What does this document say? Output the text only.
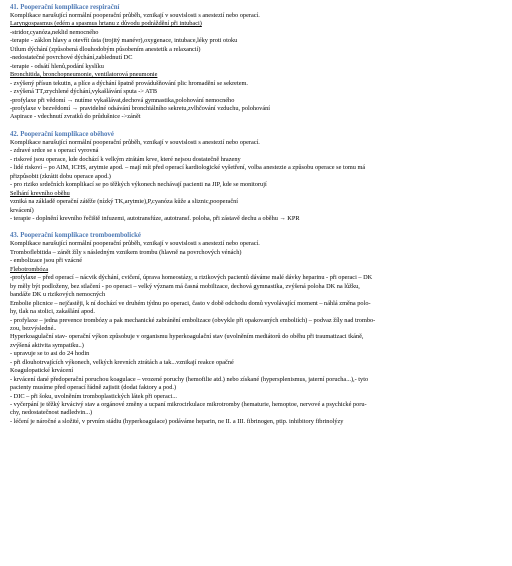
41. Pooperační komplikace respirační
Komplikace narušující normální pooperační průběh, vznikají v souvislosti s anestezií nebo operací.
Laryngospasmus (edém a spasmus hrtanu z důvodu podráždění při intubaci)
-stridor,cyanóza,neklid nemocného
-terapie - záklon hlavy a otevřít ústa (trojitý manévr),oxygenace, intubace,léky proti otoku
Útlum dýchání (způsobená dlouhodobým působením anestetik a relaxancií)
-nedostatečné povrchové dýchání,zablednutí DC
-terapie - odsátí hlenů,podání kyslíku
Bronchitida, bronchopneumonie, ventilatorová pneumonie
- zvýšený přísun tekutin, a plíce a dýchání špatně provádušňování plic hromadění se sekretem.
- zvýšená TT,zrychlené dýchání,vykašlávání sputa -> ATB
-profylaxe při vědomí → nutíme vykašlávat,dechová gymnastika,polohování nemocného
-profylaxe v bezvědomí → pravidelné odsávání bronchiálního sekretu,zvlhčování vzduchu, polohování
Aspirace - vdechnutí zvratků do průdušnice ->zánět
42. Pooperační komplikace oběhové
Komplikace narušující normální pooperační průběh, vznikají v souvislosti s anestezií nebo operací.
- zdravé srdce se s operací vyrovná
- riskové jsou operace, kde dochází k velkým ztrátám krve, které nejsou dostatečně hrazeny
- lidé riskoví – po AIM, ICHS, arytmie apod. – mají mít před operací kardiologické vyšetření, volba anestezie a způsobu operace se tomu má
přizpůsobit (zkrátit dobu operace apod.)
- pro riziko srdečních komplikací se po těžkých výkonech nechávají pacienti na JIP, kde se monitorují
Selhání krevního oběhu
vzniká na základě operační zátěže (nízký TK,arytmie),P,cyanóza kůže a sliznic,pooperační
krvácení)
- terapie - doplnění krevního řečiště infuzemi, autotransfúze, autotransf. poloha, při zástavě dechu a oběhu → KPR
43. Pooperační komplikace tromboembolické
Komplikace narušující normální pooperační průběh, vznikají v souvislosti s anestezií nebo operací.
Tromboflebitida – zánět žíly s následným vznikem trombu (hlavně na povrchových vénách)
- embolizace jsou při vzácné
Flebotrombóza
-profylaxe – před operací – nácvik dýchání, cvičení, úprava homeostázy, u rizikových pacientů dáváme malé dávky heparinu - při operaci – DK
by měly být podloženy, bez stlačení - po operaci – velký význam má časná mobilizace, dechová gymnastika, zvýšená poloha DK na lůžku,
bandáže DK u rizikových nemocných
Embolie plicnice – nejčastěji, k ní dochází ve druhém týdnu po operaci, často v době odchodu domů vyvolávající moment – náhlá změna polo-
hy, tlak na stolici, zakašlání apod.
- profylaxe – jedna prevence trombózy a pak mechanické zabránění embolizace (obvykle při opakovaných emboliích) – podvaz žíly nad trombo-
zou, bezvýsledné..
Hyperkoagulační stav- operační výkon způsobuje v organismu hyperkoagulační stav (uvolněním mediátorů do oběhu při traumatizaci tkáně,
zvýšená aktivita sympatiku..)
- upravuje se to asi do 24 hodin
- při dlouhotrvajících výkonech, velkých krevních ztrátách a tak...vznikají reakce opačné
Koagulopatické krvácení
- krvácení dané předoperační poruchou koagulace – vrozené poruchy (hemofilie atd.) nebo získané (hypersplenismus, jaterní porucha...),- tyto
pacienty musíme před operací řádně zajistit (dodat faktory a pod.)
- DIC – při šoku, uvolněním tromboplastických látek při operaci...
- vyčerpání je těžký krvácivý stav a orgánové změny a ucpaní mikrocirkulace mikrotromby (hematurie, hemoptoe, nervové a psychické poru-
chy, nedostatečnost nadledvin...)
- léčení je náročné a složité, v prvním stádiu (hyperkoagulace) podáváme heparin, ne II. a III. fibrinogen, ptip. inhibitory fibrinolýzy
